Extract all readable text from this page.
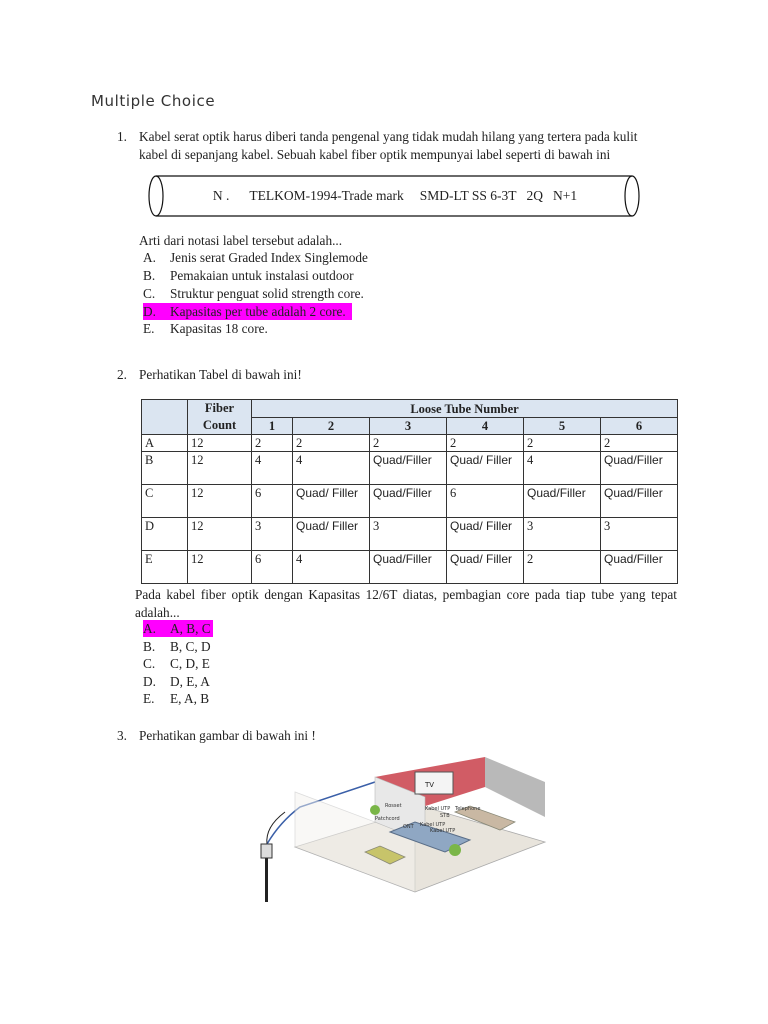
Multiple Choice
1. Kabel serat optik harus diberi tanda pengenal yang tidak mudah hilang yang tertera pada kulit
kabel di sepanjang kabel. Sebuah kabel fiber optik mempunyai label seperti di bawah ini
N . TELKOM-1994-Trade mark SMD-LT SS 6-3T 2Q N+1
Arti dari notasi label tersebut adalah...
A. Jenis serat Graded Index Singlemode
B. Pemakaian untuk instalasi outdoor
C. Struktur penguat solid strength core.
D. Kapasitas per tube adalah 2 core.
E. Kapasitas 18 core.
2. Perhatikan Tabel di bawah ini!
	Fiber Count	Loose Tube Number					
		1	2	3	4	5	6
A	12	2	2	2	2	2	2
B	12	4	4	Quad/Filler	Quad/ Filler	4	Quad/Filler
C	12	6	Quad/ Filler	Quad/Filler	6	Quad/Filler	Quad/Filler
D	12	3	Quad/ Filler	3	Quad/ Filler	3	3
E	12	6	4	Quad/Filler	Quad/ Filler	2	Quad/Filler
Pada kabel fiber optik dengan Kapasitas 12/6T diatas, pembagian core pada tiap tube yang tepat adalah...
A. A, B, C
B. B, C, D
C. C, D, E
D. D, E, A
E. E, A, B
3. Perhatikan gambar di bawah ini !
TV
Rosset
Patchcord
Kabel UTP
STB
Telephone
ONT Kabel UTP
Kabel UTP
